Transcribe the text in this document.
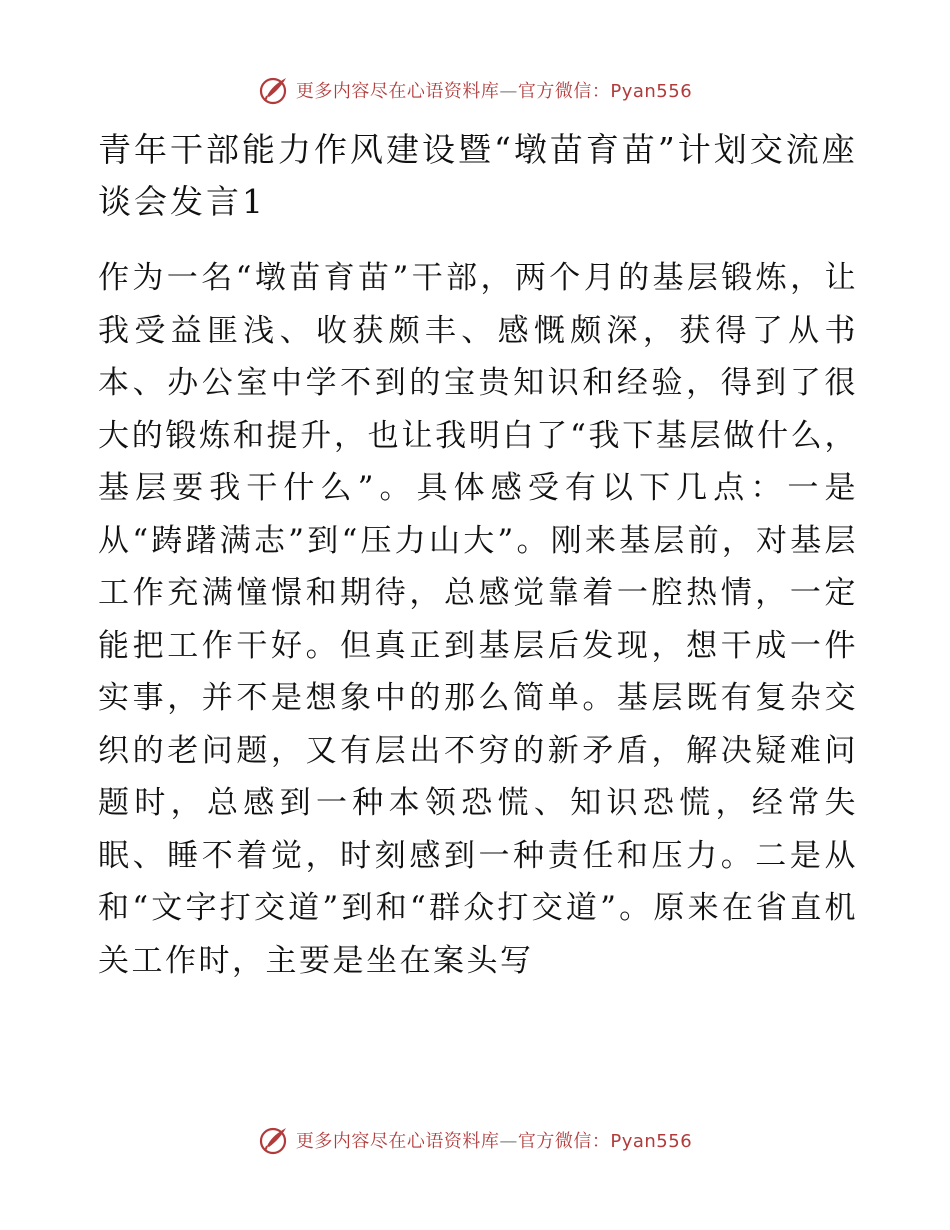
更多内容尽在心语资料库—官方微信：Pyan556
青年干部能力作风建设暨“墩苗育苗”计划交流座谈会发言1

作为一名“墩苗育苗”干部，两个月的基层锻炼，让我受益匪浅、收获颇丰、感慨颇深，获得了从书本、办公室中学不到的宝贵知识和经验，得到了很大的锻炼和提升，也让我明白了“我下基层做什么，基层要我干什么”。具体感受有以下几点：一是从“踌躇满志”到“压力山大”。刚来基层前，对基层工作充满憧憬和期待，总感觉靠着一腔热情，一定能把工作干好。但真正到基层后发现，想干成一件实事，并不是想象中的那么简单。基层既有复杂交织的老问题，又有层出不穷的新矛盾，解决疑难问题时，总感到一种本领恐慌、知识恐慌，经常失眠、睡不着觉，时刻感到一种责任和压力。二是从和“文字打交道”到和“群众打交道”。原来在省直机关工作时，主要是坐在案头写

更多内容尽在心语资料库—官方微信：Pyan556
